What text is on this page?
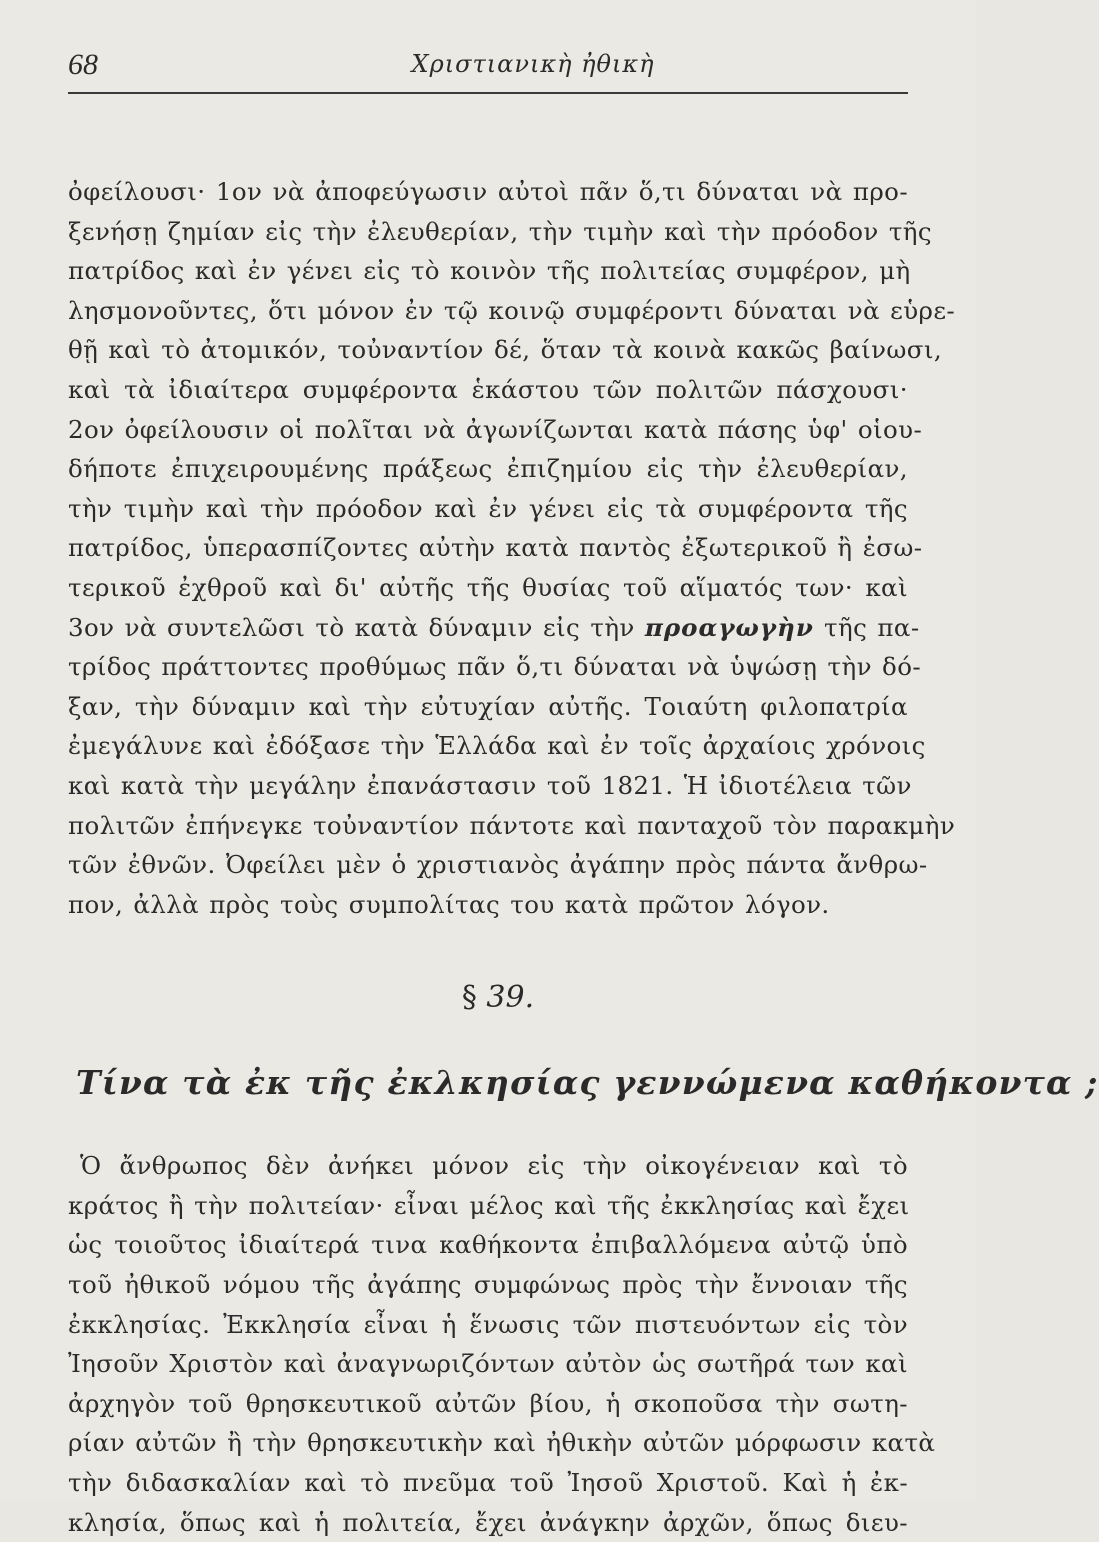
68	Χριστιανικὴ ἠθικὴ
ὀφείλουσι· 1ον νὰ ἀποφεύγωσιν αὐτοὶ πᾶν ὅ,τι δύναται νὰ προ-
ξενήσῃ ζημίαν εἰς τὴν ἐλευθερίαν, τὴν τιμὴν καὶ τὴν πρόοδον τῆς
πατρίδος καὶ ἐν γένει εἰς τὸ κοινὸν τῆς πολιτείας συμφέρον, μὴ
λησμονοῦντες, ὅτι μόνον ἐν τῷ κοινῷ συμφέροντι δύναται νὰ εὑρε-
θῇ καὶ τὸ ἀτομικόν, τοὐναντίον δέ, ὅταν τὰ κοινὰ κακῶς βαίνωσι,
καὶ τὰ ἰδιαίτερα συμφέροντα ἑκάστου τῶν πολιτῶν πάσχουσι·
2ον ὀφείλουσιν οἱ πολῖται νὰ ἀγωνίζωνται κατὰ πάσης ὑφ' οἱου-
δήποτε ἐπιχειρουμένης πράξεως ἐπιζημίου εἰς τὴν ἐλευθερίαν,
τὴν τιμὴν καὶ τὴν πρόοδον καὶ ἐν γένει εἰς τὰ συμφέροντα τῆς
πατρίδος, ὑπερασπίζοντες αὐτὴν κατὰ παντὸς ἐξωτερικοῦ ἢ ἐσω-
τερικοῦ ἐχθροῦ καὶ δι' αὐτῆς τῆς θυσίας τοῦ αἵματός των· καὶ
3ον νὰ συντελῶσι τὸ κατὰ δύναμιν εἰς τὴν προαγωγὴν τῆς πα-
τρίδος πράττοντες προθύμως πᾶν ὅ,τι δύναται νὰ ὑψώσῃ τὴν δό-
ξαν, τὴν δύναμιν καὶ τὴν εὐτυχίαν αὐτῆς. Τοιαύτη φιλοπατρία
ἐμεγάλυνε καὶ ἐδόξασε τὴν Ἑλλάδα καὶ ἐν τοῖς ἀρχαίοις χρόνοις
καὶ κατὰ τὴν μεγάλην ἐπανάστασιν τοῦ 1821. Ἡ ἰδιοτέλεια τῶν
πολιτῶν ἐπήνεγκε τοὐναντίον πάντοτε καὶ πανταχοῦ τὸν παρακμὴν
τῶν ἐθνῶν. Ὀφείλει μὲν ὁ χριστιανὸς ἀγάπην πρὸς πάντα ἄνθρω-
πον, ἀλλὰ πρὸς τοὺς συμπολίτας του κατὰ πρῶτον λόγον.
§ 39.
Τίνα τὰ ἐκ τῆς ἐκλκησίας γεννώμενα καθήκοντα ;
Ὁ ἄνθρωπος δὲν ἀνήκει μόνον εἰς τὴν οἰκογένειαν καὶ τὸ
κράτος ἢ τὴν πολιτείαν· εἶναι μέλος καὶ τῆς ἐκκλησίας καὶ ἔχει
ὡς τοιοῦτος ἰδιαίτερά τινα καθήκοντα ἐπιβαλλόμενα αὐτῷ ὑπὸ
τοῦ ἠθικοῦ νόμου τῆς ἀγάπης συμφώνως πρὸς τὴν ἔννοιαν τῆς
ἐκκλησίας. Ἐκκλησία εἶναι ἡ ἕνωσις τῶν πιστευόντων εἰς τὸν
Ἰησοῦν Χριστὸν καὶ ἀναγνωριζόντων αὐτὸν ὡς σωτῆρά των καὶ
ἀρχηγὸν τοῦ θρησκευτικοῦ αὐτῶν βίου, ἡ σκοποῦσα τὴν σωτη-
ρίαν αὐτῶν ἢ τὴν θρησκευτικὴν καὶ ἠθικὴν αὐτῶν μόρφωσιν κατὰ
τὴν διδασκαλίαν καὶ τὸ πνεῦμα τοῦ Ἰησοῦ Χριστοῦ. Καὶ ἡ ἐκ-
κλησία, ὅπως καὶ ἡ πολιτεία, ἔχει ἀνάγκην ἀρχῶν, ὅπως διευ-
